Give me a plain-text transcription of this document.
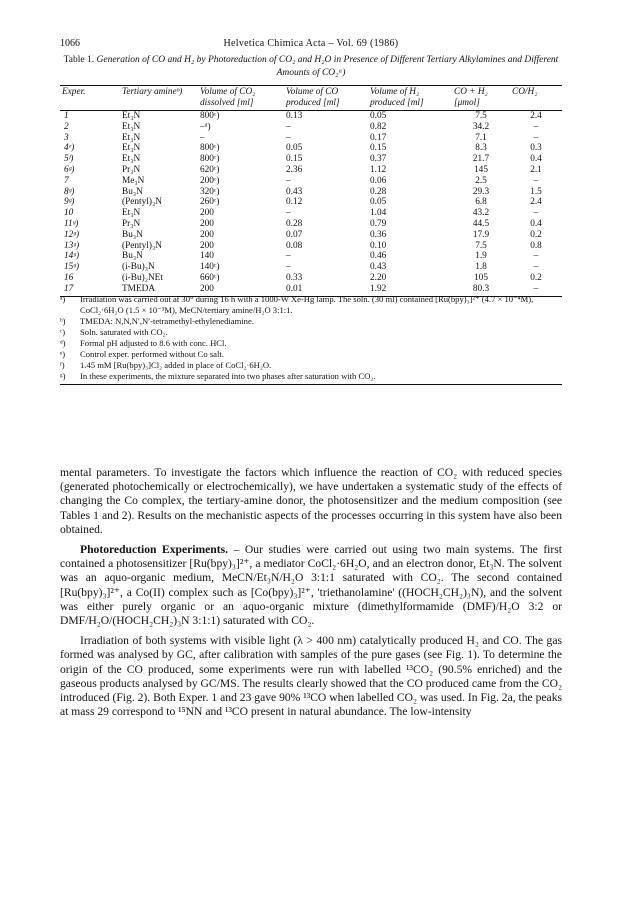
1066	Helvetica Chimica Acta – Vol. 69 (1986)
Table 1. Generation of CO and H₂ by Photoreduction of CO₂ and H₂O in Presence of Different Tertiary Alkylamines and Different Amounts of CO₂ᵃ)
Exper.	Tertiary amineᵇ)	Volume of CO₂ dissolved [ml]	Volume of CO produced [ml]	Volume of H₂ produced [ml]	CO + H₂ [μmol]	CO/H₂
1	Et₃N	800ᶜ)	0.13	0.05	7.5	2.4
2	Et₃N	–ᵈ)	–	0.82	34.2	–
3	Et₃N	–	–	0.17	7.1	–
4ᵉ)	Et₃N	800ᶜ)	0.05	0.15	8.3	0.3
5ᶠ)	Et₃N	800ᶜ)	0.15	0.37	21.7	0.4
6ᵍ)	Pr₃N	620ᶜ)	2.36	1.12	145	2.1
7	Me₃N	200ᶜ)	–	0.06	2.5	–
8ᵍ)	Bu₃N	320ᶜ)	0.43	0.28	29.3	1.5
9ᵍ)	(Pentyl)₃N	260ᶜ)	0.12	0.05	6.8	2.4
10	Et₃N	200	–	1.04	43.2	–
11ᵍ)	Pr₃N	200	0.28	0.79	44.5	0.4
12ᵍ)	Bu₃N	200	0.07	0.36	17.9	0.2
13ᵍ)	(Pentyl)₃N	200	0.08	0.10	7.5	0.8
14ᵍ)	Bu₃N	140	–	0.46	1.9	–
15ᵍ)	(i-Bu)₃N	140ᶜ)	–	0.43	1.8	–
16	(i-Bu)₂NEt	660ᶜ)	0.33	2.20	105	0.2
17	TMEDA	200	0.01	1.92	80.3	–
ᵃ)	Irradiation was carried out at 30° during 16 h with a 1000-W Xe-Hg lamp. The soln. (30 ml) contained [Ru(bpy)₃]²⁺ (4.7 × 10⁻⁴M), CoCl₂·6H₂O (1.5 × 10⁻³M), MeCN/tertiary amine/H₂O 3:1:1.
ᵇ)	TMEDA: N,N,N′,N′-tetramethyl-ethylenediamine.
ᶜ)	Soln. saturated with CO₂.
ᵈ)	Formal pH adjusted to 8.6 with conc. HCl.
ᵉ)	Control exper. performed without Co salt.
ᶠ)	1.45 mM [Ru(bpy)₃]Cl₂ added in place of CoCl₂·6H₂O.
ᵍ)	In these experiments, the mixture separated into two phases after saturation with CO₂.

mental parameters. To investigate the factors which influence the reaction of CO₂ with reduced species (generated photochemically or electrochemically), we have undertaken a systematic study of the effects of changing the Co complex, the tertiary-amine donor, the photosensitizer and the medium composition (see Tables 1 and 2). Results on the mechanistic aspects of the processes occurring in this system have also been obtained.

Photoreduction Experiments. – Our studies were carried out using two main systems. The first contained a photosensitizer [Ru(bpy)₃]²⁺, a mediator CoCl₂·6H₂O, and an electron donor, Et₃N. The solvent was an aquo-organic medium, MeCN/Et₃N/H₂O 3:1:1 saturated with CO₂. The second contained [Ru(bpy)₃]²⁺, a Co(II) complex such as [Co(bpy)₃]²⁺, 'triethanolamine' ((HOCH₂CH₂)₃N), and the solvent was either purely organic or an aquo-organic mixture (dimethylformamide (DMF)/H₂O 3:2 or DMF/H₂O/(HOCH₂CH₂)₃N 3:1:1) saturated with CO₂.

Irradiation of both systems with visible light (λ > 400 nm) catalytically produced H₂ and CO. The gas formed was analysed by GC, after calibration with samples of the pure gases (see Fig. 1). To determine the origin of the CO produced, some experiments were run with labelled ¹³CO₂ (90.5% enriched) and the gaseous products analysed by GC/MS. The results clearly showed that the CO produced came from the CO₂ introduced (Fig. 2). Both Exper. 1 and 23 gave 90% ¹³CO when labelled CO₂ was used. In Fig. 2a, the peaks at mass 29 correspond to ¹⁵NN and ¹³CO present in natural abundance. The low-intensity
